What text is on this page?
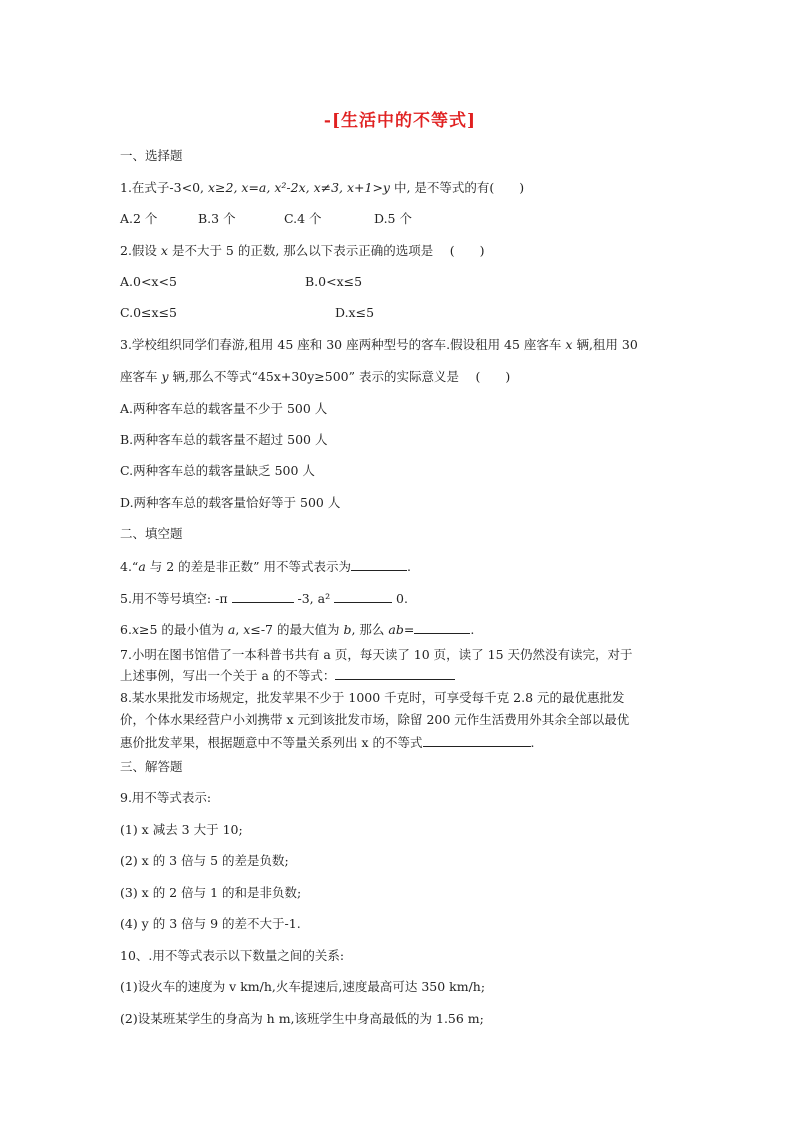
-[生活中的不等式]
一、选择题
1.在式子-3<0, x≥2, x=a, x²-2x, x≠3, x+1>y 中, 是不等式的有(　　)
A.2 个	B.3 个	C.4 个	D.5 个
2.假设 x 是不大于 5 的正数, 那么以下表示正确的选项是　 (　　)
A.0<x<5	B.0<x≤5
C.0≤x≤5	D.x≤5
3.学校组织同学们春游,租用 45 座和 30 座两种型号的客车.假设租用 45 座客车 x 辆,租用 30
座客车 y 辆,那么不等式“45x+30y≥500” 表示的实际意义是　 (　　)
A.两种客车总的载客量不少于 500 人
B.两种客车总的载客量不超过 500 人
C.两种客车总的载客量缺乏 500 人
D.两种客车总的载客量恰好等于 500 人
二、填空题
4.“a 与 2 的差是非正数” 用不等式表示为	.
5.用不等号填空: -π	-3, a²	0.
6.x≥5 的最小值为 a, x≤-7 的最大值为 b, 那么 ab=	.
7.小明在图书馆借了一本科普书共有 a 页，每天读了 10 页，读了 15 天仍然没有读完，对于
上述事例，写出一个关于 a 的不等式：
8.某水果批发市场规定，批发苹果不少于 1000 千克时，可享受每千克 2.8 元的最优惠批发
价，个体水果经营户小刘携带 x 元到该批发市场，除留 200 元作生活费用外其余全部以最优
惠价批发苹果，根据题意中不等量关系列出 x 的不等式	.
三、解答题
9.用不等式表示:
(1) x 减去 3 大于 10;
(2) x 的 3 倍与 5 的差是负数;
(3) x 的 2 倍与 1 的和是非负数;
(4) y 的 3 倍与 9 的差不大于-1.
10、.用不等式表示以下数量之间的关系:
(1)设火车的速度为 v km/h,火车提速后,速度最高可达 350 km/h;
(2)设某班某学生的身高为 h m,该班学生中身高最低的为 1.56 m;
